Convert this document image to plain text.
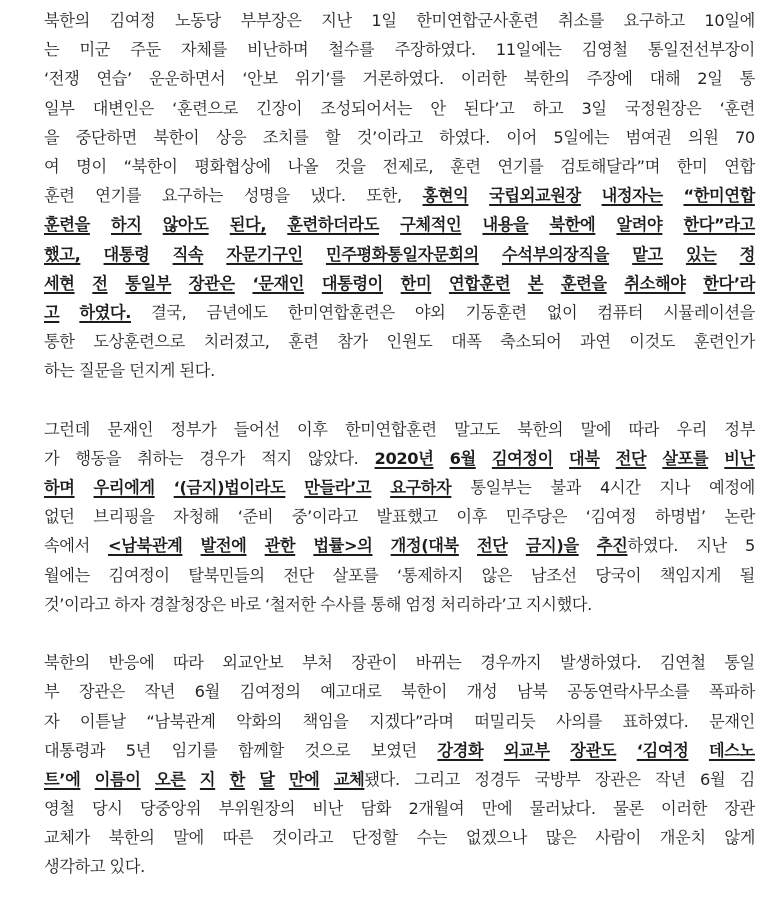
북한의 김여정 노동당 부부장은 지난 1일 한미연합군사훈련 취소를 요구하고 10일에
는 미군 주둔 자체를 비난하며 철수를 주장하였다. 11일에는 김영철 통일전선부장이
‘전쟁 연습’ 운운하면서 ‘안보 위기’를 거론하였다. 이러한 북한의 주장에 대해 2일 통
일부 대변인은 ‘훈련으로 긴장이 조성되어서는 안 된다’고 하고 3일 국정원장은 ‘훈련
을 중단하면 북한이 상응 조치를 할 것’이라고 하였다. 이어 5일에는 범여권 의원 70
여 명이 “북한이 평화협상에 나올 것을 전제로, 훈련 연기를 검토해달라”며 한미 연합
훈련 연기를 요구하는 성명을 냈다. 또한, 홍현익 국립외교원장 내정자는 “한미연합
훈련을 하지 않아도 된다, 훈련하더라도 구체적인 내용을 북한에 알려야 한다”라고
했고, 대통령 직속 자문기구인 민주평화통일자문회의 수석부의장직을 맡고 있는 정
세현 전 통일부 장관은 ‘문재인 대통령이 한미 연합훈련 본 훈련을 취소해야 한다’라
고 하였다. 결국, 금년에도 한미연합훈련은 야외 기동훈련 없이 컴퓨터 시뮬레이션을
통한 도상훈련으로 치러졌고, 훈련 참가 인원도 대폭 축소되어 과연 이것도 훈련인가
하는 질문을 던지게 된다.
그런데 문재인 정부가 들어선 이후 한미연합훈련 말고도 북한의 말에 따라 우리 정부
가 행동을 취하는 경우가 적지 않았다. 2020년 6월 김여정이 대북 전단 살포를 비난
하며 우리에게 ‘(금지)법이라도 만들라’고 요구하자 통일부는 불과 4시간 지나 예정에
없던 브리핑을 자청해 ‘준비 중’이라고 발표했고 이후 민주당은 ‘김여정 하명법’ 논란
속에서 <남북관계 발전에 관한 법률>의 개정(대북 전단 금지)을 추진하였다. 지난 5
월에는 김여정이 탈북민들의 전단 살포를 ‘통제하지 않은 남조선 당국이 책임지게 될
것’이라고 하자 경찰청장은 바로 ‘철저한 수사를 통해 엄정 처리하라’고 지시했다.
북한의 반응에 따라 외교안보 부처 장관이 바뀌는 경우까지 발생하였다. 김연철 통일
부 장관은 작년 6월 김여정의 예고대로 북한이 개성 남북 공동연락사무소를 폭파하
자 이튿날 “남북관계 악화의 책임을 지겠다”라며 떠밀리듯 사의를 표하였다. 문재인
대통령과 5년 임기를 함께할 것으로 보였던 강경화 외교부 장관도 ‘김여정 데스노
트’에 이름이 오른 지 한 달 만에 교체됐다. 그리고 정경두 국방부 장관은 작년 6월 김
영철 당시 당중앙위 부위원장의 비난 담화 2개월여 만에 물러났다. 물론 이러한 장관
교체가 북한의 말에 따른 것이라고 단정할 수는 없겠으나 많은 사람이 개운치 않게
생각하고 있다.
